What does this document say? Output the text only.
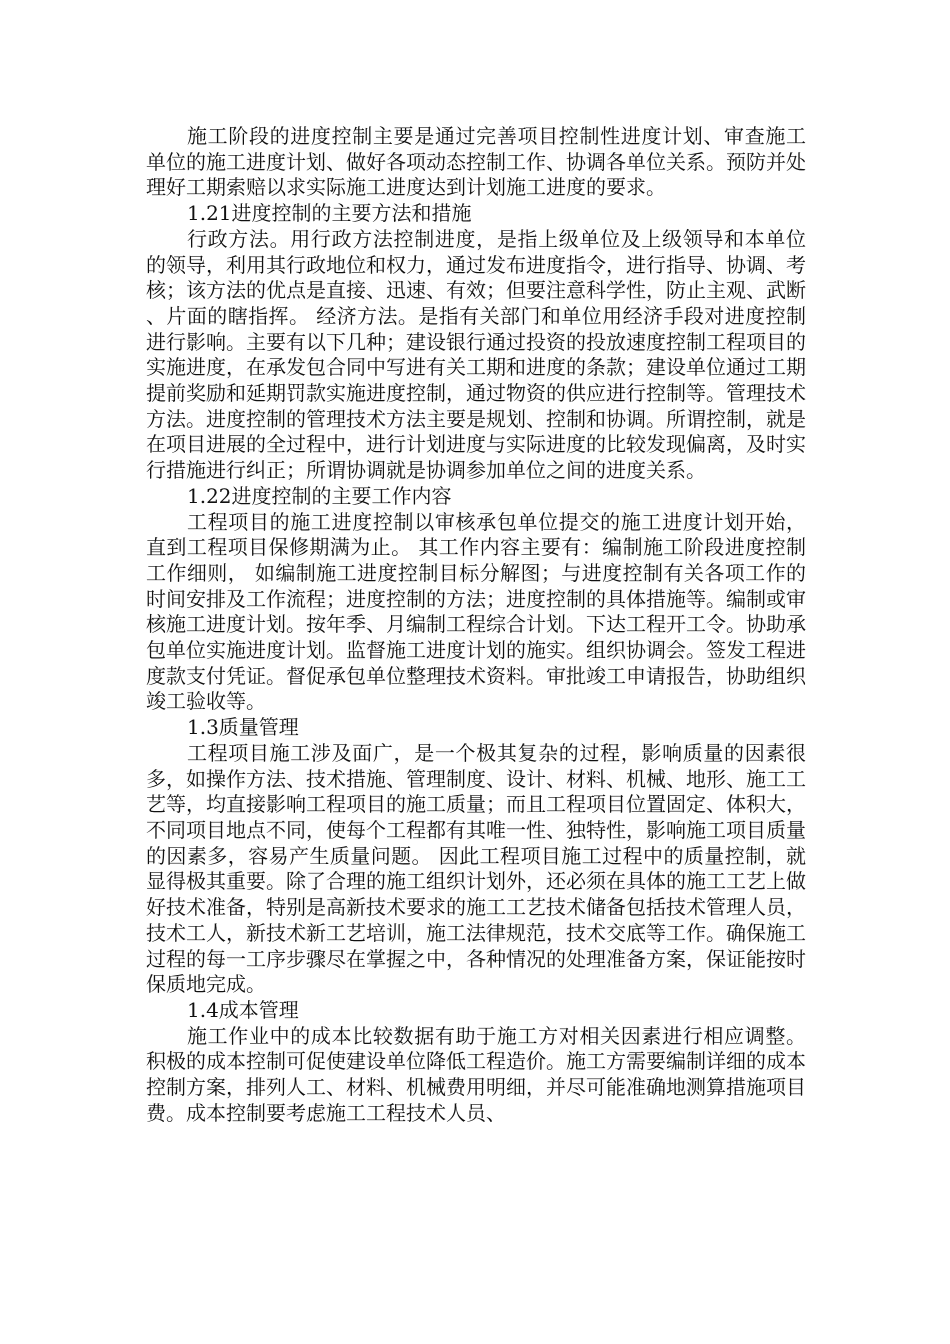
施工阶段的进度控制主要是通过完善项目控制性进度计划、审查施工单位的施工进度计划、做好各项动态控制工作、协调各单位关系。预防并处理好工期索赔以求实际施工进度达到计划施工进度的要求。

1.21进度控制的主要方法和措施

行政方法。用行政方法控制进度，是指上级单位及上级领导和本单位的领导，利用其行政地位和权力，通过发布进度指令，进行指导、协调、考核；该方法的优点是直接、迅速、有效；但要注意科学性，防止主观、武断、片面的瞎指挥。 经济方法。是指有关部门和单位用经济手段对进度控制进行影响。主要有以下几种；建设银行通过投资的投放速度控制工程项目的实施进度，在承发包合同中写进有关工期和进度的条款；建设单位通过工期提前奖励和延期罚款实施进度控制，通过物资的供应进行控制等。管理技术方法。进度控制的管理技术方法主要是规划、控制和协调。所谓控制，就是在项目进展的全过程中，进行计划进度与实际进度的比较发现偏离，及时实行措施进行纠正；所谓协调就是协调参加单位之间的进度关系。

1.22进度控制的主要工作内容

工程项目的施工进度控制以审核承包单位提交的施工进度计划开始，直到工程项目保修期满为止。 其工作内容主要有：编制施工阶段进度控制工作细则， 如编制施工进度控制目标分解图；与进度控制有关各项工作的时间安排及工作流程；进度控制的方法；进度控制的具体措施等。编制或审核施工进度计划。按年季、月编制工程综合计划。下达工程开工令。协助承包单位实施进度计划。监督施工进度计划的施实。组织协调会。签发工程进度款支付凭证。督促承包单位整理技术资料。审批竣工申请报告，协助组织竣工验收等。

1.3质量管理

工程项目施工涉及面广，是一个极其复杂的过程，影响质量的因素很多，如操作方法、技术措施、管理制度、设计、材料、机械、地形、施工工艺等，均直接影响工程项目的施工质量；而且工程项目位置固定、体积大，不同项目地点不同，使每个工程都有其唯一性、独特性，影响施工项目质量的因素多，容易产生质量问题。 因此工程项目施工过程中的质量控制，就显得极其重要。除了合理的施工组织计划外，还必须在具体的施工工艺上做好技术准备，特别是高新技术要求的施工工艺技术储备包括技术管理人员，技术工人，新技术新工艺培训，施工法律规范，技术交底等工作。确保施工过程的每一工序步骤尽在掌握之中，各种情况的处理准备方案，保证能按时保质地完成。

1.4成本管理

施工作业中的成本比较数据有助于施工方对相关因素进行相应调整。积极的成本控制可促使建设单位降低工程造价。施工方需要编制详细的成本控制方案，排列人工、材料、机械费用明细，并尽可能准确地测算措施项目费。成本控制要考虑施工工程技术人员、
